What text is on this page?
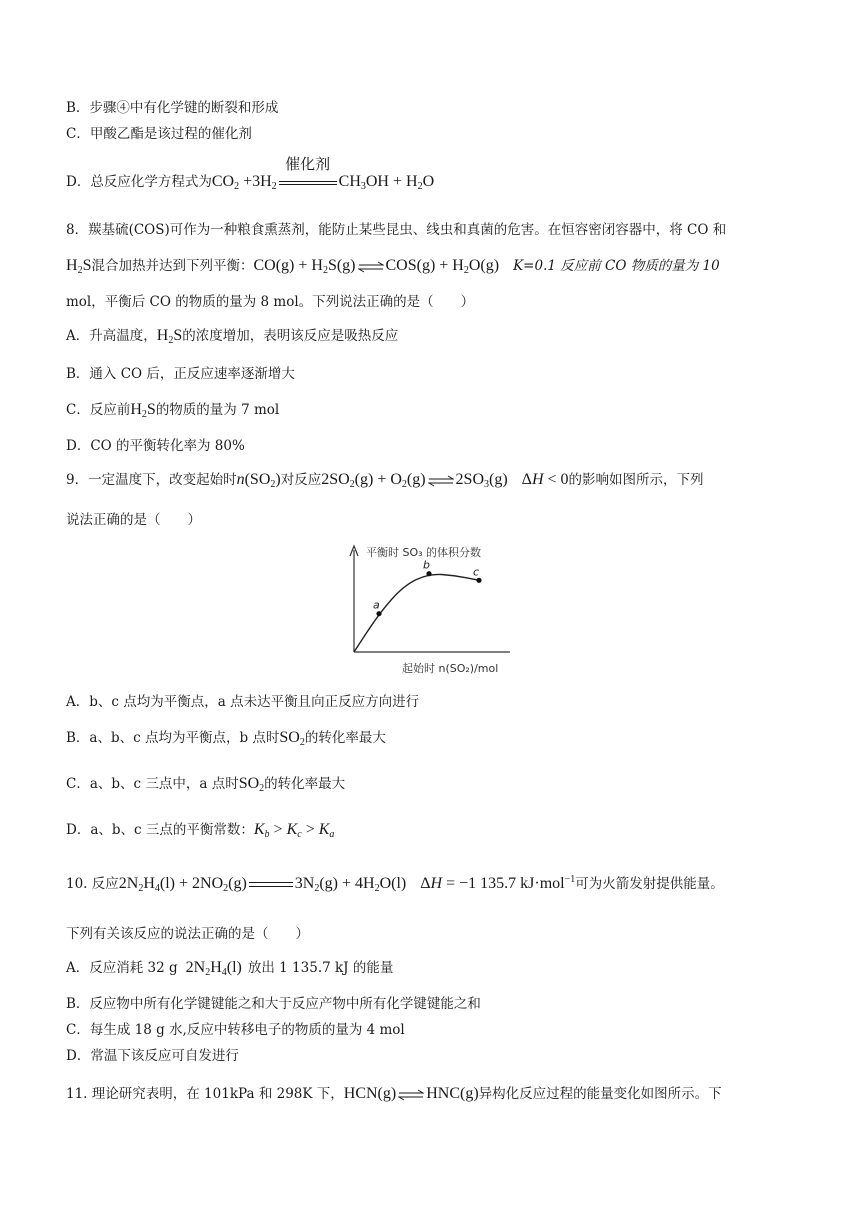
B．步骤④中有化学键的断裂和形成
C．甲酸乙酯是该过程的催化剂
D．总反应化学方程式为$CO_2 +3H_2$
催化剂
$CH_3OH + H_2O$
8．羰基硫(COS)可作为一种粮食熏蒸剂，能防止某些昆虫、线虫和真菌的危害。在恒容密闭容器中，将 CO 和
$H_2S$混合加热并达到下列平衡：$CO(g) + H_2S(g)$ ⇌ $COS(g) + H_2O(g)$ K=0.1 反应前 CO 物质的量为 10
mol，平衡后 CO 的物质的量为 8 mol。下列说法正确的是（　　）
A．升高温度，$H_2S$的浓度增加，表明该反应是吸热反应
B．通入 CO 后，正反应速率逐渐增大
C．反应前$H_2S$的物质的量为 7 mol
D．CO 的平衡转化率为 80%
9．一定温度下，改变起始时$n(SO_2)$对反应$2SO_2(g) + O_2(g)$ ⇌ $2SO_3(g) \Delta H < 0$的影响如图所示，下列
说法正确的是（　　）
平衡时 SO₃ 的体积分数
起始时 n(SO₂)/mol
a
b
c
A．b、c 点均为平衡点，a 点未达平衡且向正反应方向进行
B．a、b、c 点均为平衡点，b 点时$SO_2$的转化率最大
C．a、b、c 三点中，a 点时$SO_2$的转化率最大
D．a、b、c 三点的平衡常数：$K_b > K_c > K_a$
10. 反应$2N_2H_4(l) + 2NO_2(g)$	$3N_2(g) + 4H_2O(l) \Delta H = -1$ 135.7 kJ·mol$^{-1}$可为火箭发射提供能量。
下列有关该反应的说法正确的是（　　）
A．反应消耗 32 g $2N_2H_4(l)$ 放出 1 135.7 kJ 的能量
B．反应物中所有化学键键能之和大于反应产物中所有化学键键能之和
C．每生成 18 g 水,反应中转移电子的物质的量为 4 mol
D．常温下该反应可自发进行
11. 理论研究表明，在 101kPa 和 298K 下，HCN(g) ⇌ HNC(g)异构化反应过程的能量变化如图所示。下
